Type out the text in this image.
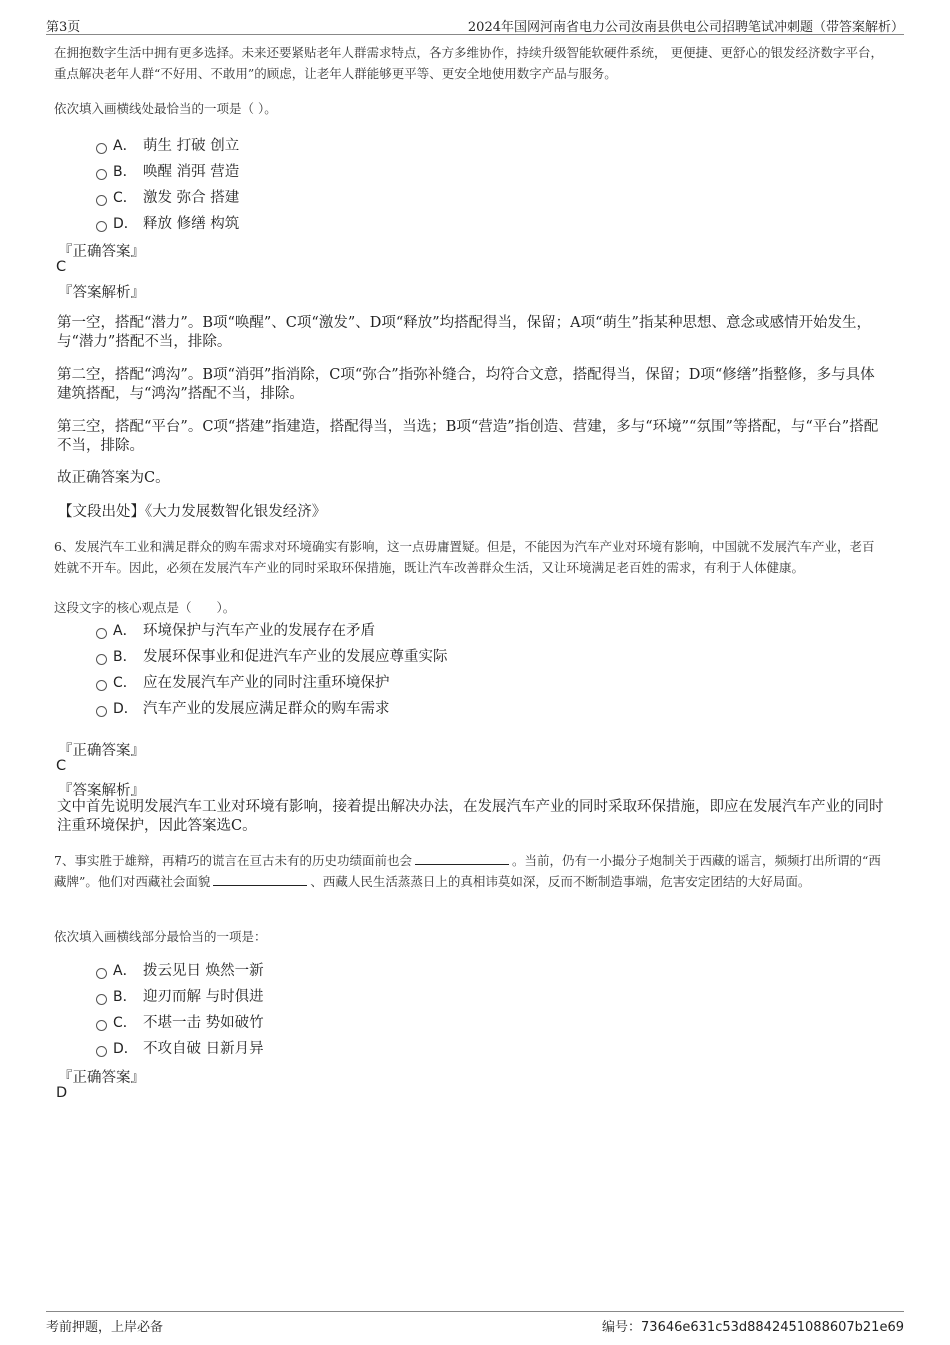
第3页	2024年国网河南省电力公司汝南县供电公司招聘笔试冲刺题（带答案解析）
在拥抱数字生活中拥有更多选择。未来还要紧贴老年人群需求特点，各方多维协作，持续升级智能软硬件系统， 更便捷、更舒心的银发经济数字平台，重点解决老年人群“不好用、不敢用”的顾虑，让老年人群能够更平等、更安全地使用数字产品与服务。
依次填入画横线处最恰当的一项是（ ）。
A． 萌生 打破 创立
B． 唤醒 消弭 营造
C． 激发 弥合 搭建
D． 释放 修缮 构筑
『正确答案』
C
『答案解析』
第一空，搭配“潜力”。B项“唤醒”、C项“激发”、D项“释放”均搭配得当，保留；A项“萌生”指某种思想、意念或感情开始发生，与“潜力”搭配不当，排除。
第二空，搭配“鸿沟”。B项“消弭”指消除，C项“弥合”指弥补缝合，均符合文意，搭配得当，保留；D项“修缮”指整修，多与具体建筑搭配，与“鸿沟”搭配不当，排除。
第三空，搭配“平台”。C项“搭建”指建造，搭配得当，当选；B项“营造”指创造、营建，多与“环境”“氛围”等搭配，与“平台”搭配不当，排除。
故正确答案为C。
【文段出处】《大力发展数智化银发经济》
6、发展汽车工业和满足群众的购车需求对环境确实有影响，这一点毋庸置疑。但是，不能因为汽车产业对环境有影响，中国就不发展汽车产业，老百姓就不开车。因此，必须在发展汽车产业的同时采取环保措施，既让汽车改善群众生活，又让环境满足老百姓的需求，有利于人体健康。
这段文字的核心观点是（　　）。
A． 环境保护与汽车产业的发展存在矛盾
B． 发展环保事业和促进汽车产业的发展应尊重实际
C． 应在发展汽车产业的同时注重环境保护
D． 汽车产业的发展应满足群众的购车需求
『正确答案』
C
『答案解析』
文中首先说明发展汽车工业对环境有影响，接着提出解决办法，在发展汽车产业的同时采取环保措施，即应在发展汽车产业的同时注重环境保护，因此答案选C。
7、事实胜于雄辩，再精巧的谎言在亘古未有的历史功绩面前也会	。当前，仍有一小撮分子炮制关于西藏的谣言，频频打出所谓的“西藏牌”。他们对西藏社会面貌	、西藏人民生活蒸蒸日上的真相讳莫如深，反而不断制造事端，危害安定团结的大好局面。
依次填入画横线部分最恰当的一项是：
A． 拨云见日 焕然一新
B． 迎刃而解 与时俱进
C． 不堪一击 势如破竹
D． 不攻自破 日新月异
『正确答案』
D
考前押题，上岸必备	编号：73646e631c53d8842451088607b21e69
